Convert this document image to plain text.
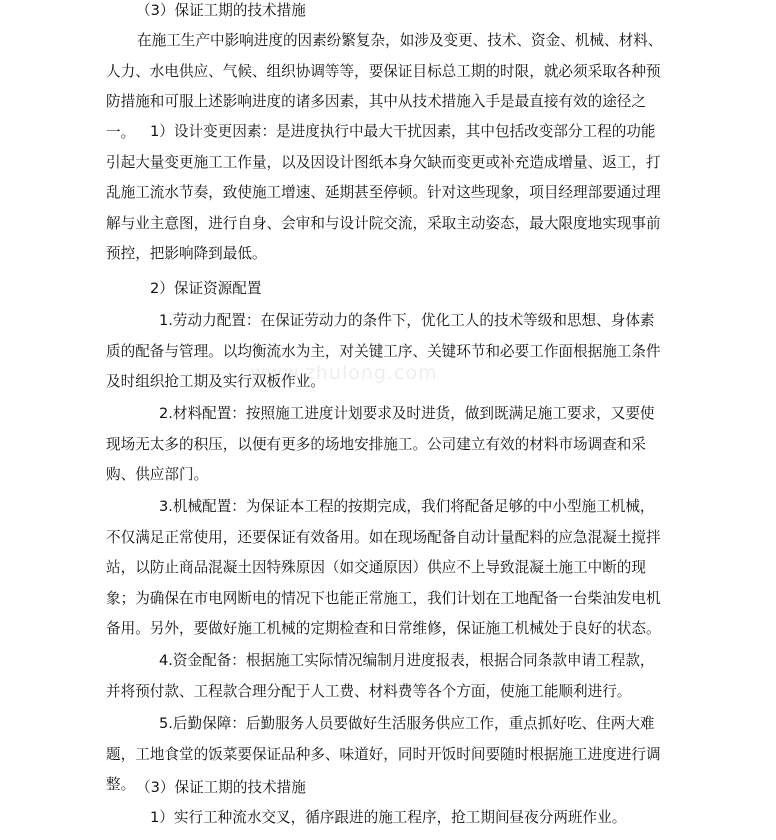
www.zhulong.com

（3）保证工期的技术措施

在施工生产中影响进度的因素纷繁复杂，如涉及变更、技术、资金、机械、材料、人力、水电供应、气候、组织协调等等，要保证目标总工期的时限，就必须采取各种预防措施和可服上述影响进度的诸多因素，其中从技术措施入手是最直接有效的途径之一。	1）设计变更因素：是进度执行中最大干扰因素，其中包括改变部分工程的功能引起大量变更施工工作量，以及因设计图纸本身欠缺而变更或补充造成增量、返工，打乱施工流水节奏，致使施工增速、延期甚至停顿。针对这些现象，项目经理部要通过理解与业主意图，进行自身、会审和与设计院交流，采取主动姿态，最大限度地实现事前预控，把影响降到最低。

2）保证资源配置

1.劳动力配置：在保证劳动力的条件下，优化工人的技术等级和思想、身体素质的配备与管理。以均衡流水为主，对关键工序、关键环节和必要工作面根据施工条件及时组织抢工期及实行双板作业。

2.材料配置：按照施工进度计划要求及时进货，做到既满足施工要求，又要使现场无太多的积压，以便有更多的场地安排施工。公司建立有效的材料市场调查和采购、供应部门。

3.机械配置：为保证本工程的按期完成，我们将配备足够的中小型施工机械，不仅满足正常使用，还要保证有效备用。如在现场配备自动计量配料的应急混凝土搅拌站，以防止商品混凝土因特殊原因（如交通原因）供应不上导致混凝土施工中断的现象；为确保在市电网断电的情况下也能正常施工，我们计划在工地配备一台柴油发电机备用。另外，要做好施工机械的定期检查和日常维修，保证施工机械处于良好的状态。

4.资金配备：根据施工实际情况编制月进度报表，根据合同条款申请工程款，并将预付款、工程款合理分配于人工费、材料费等各个方面，使施工能顺利进行。

5.后勤保障：后勤服务人员要做好生活服务供应工作，重点抓好吃、住两大难题，工地食堂的饭菜要保证品种多、味道好，同时开饭时间要随时根据施工进度进行调整。 （3）保证工期的技术措施

1）实行工种流水交叉，循序跟进的施工程序，抢工期间昼夜分两班作业。
